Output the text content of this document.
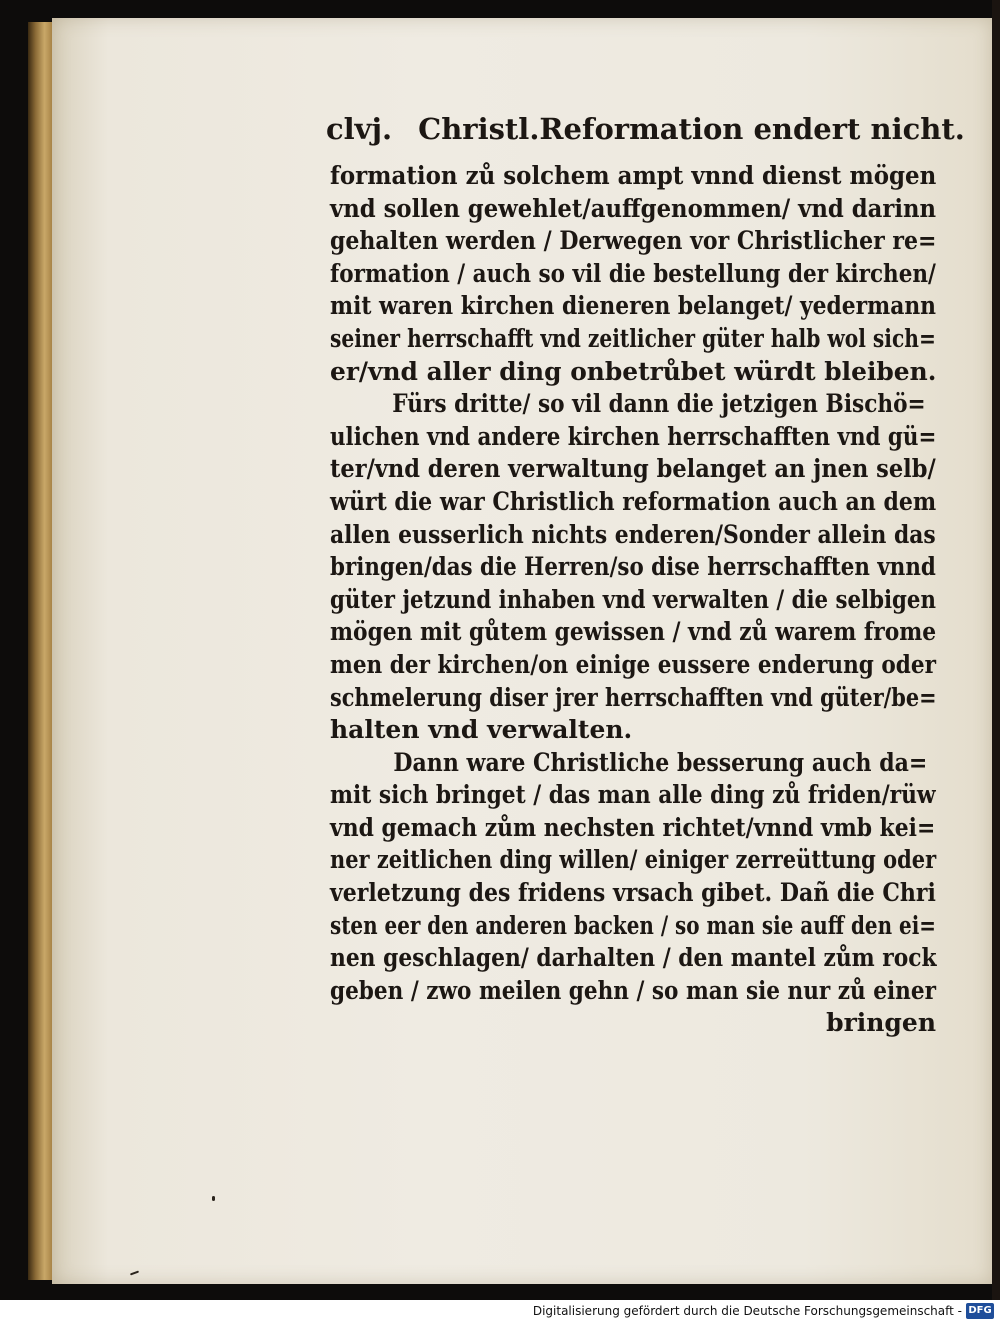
clvj. Christl.Reformation endert nicht.
formation zů solchem ampt vnnd dienst mögen
vnd sollen gewehlet/auffgenommen/ vnd darinn
gehalten werden / Derwegen vor Christlicher re=
formation / auch so vil die bestellung der kirchen/
mit waren kirchen dieneren belanget/ yedermann
seiner herrschafft vnd zeitlicher güter halb wol sich=
er/vnd aller ding onbetrůbet würdt bleiben.
Fürs dritte/ so vil dann die jetzigen Bischö=
ulichen vnd andere kirchen herrschafften vnd gü=
ter/vnd deren verwaltung belanget an jnen selb/
würt die war Christlich reformation auch an dem
allen eusserlich nichts enderen/Sonder allein das
bringen/das die Herren/so dise herrschafften vnnd
güter jetzund inhaben vnd verwalten / die selbigen
mögen mit gůtem gewissen / vnd zů warem frome
men der kirchen/on einige eussere enderung oder
schmelerung diser jrer herrschafften vnd güter/be=
halten vnd verwalten.
Dann ware Christliche besserung auch da=
mit sich bringet / das man alle ding zů friden/rüw
vnd gemach zům nechsten richtet/vnnd vmb kei=
ner zeitlichen ding willen/ einiger zerreüttung oder
verletzung des fridens vrsach gibet. Dañ die Chri
sten eer den anderen backen / so man sie auff den ei=
nen geschlagen/ darhalten / den mantel zům rock
geben / zwo meilen gehn / so man sie nur zů einer
bringen
Digitalisierung gefördert durch die Deutsche Forschungsgemeinschaft - DFG
